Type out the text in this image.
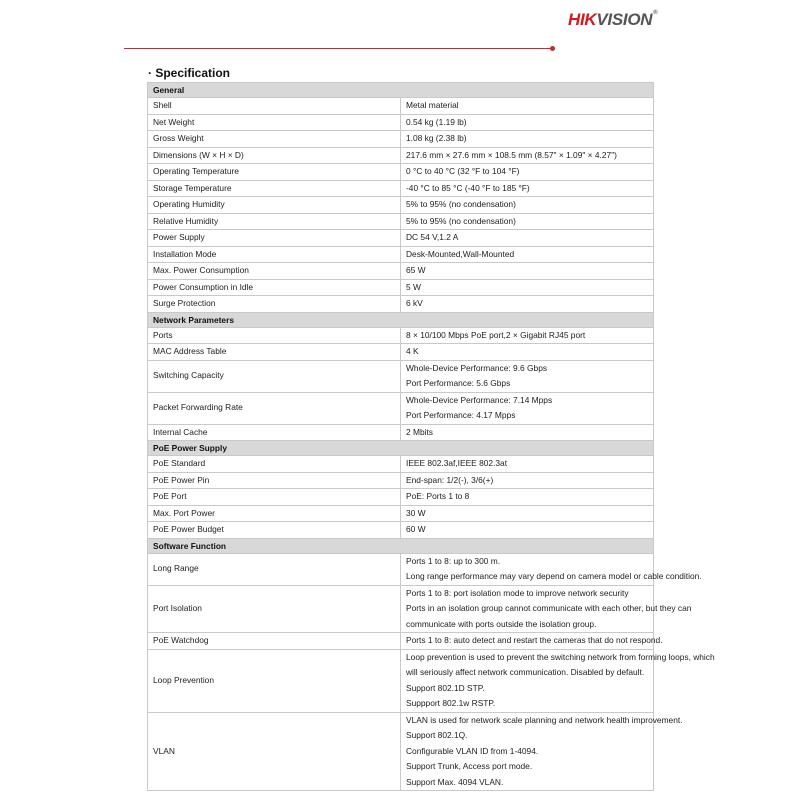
HIKVISION®
· Specification
General	
Shell	Metal material

Net Weight	0.54 kg (1.19 lb)

Gross Weight	1.08 kg (2.38 lb)

Dimensions (W × H × D)	217.6 mm × 27.6 mm × 108.5 mm (8.57" × 1.09" × 4.27")

Operating Temperature	0 °C to 40 °C (32 °F to 104 °F)

Storage Temperature	-40 °C to 85 °C (-40 °F to 185 °F)

Operating Humidity	5% to 95% (no condensation)

Relative Humidity	5% to 95% (no condensation)

Power Supply	DC 54 V,1.2 A

Installation Mode	Desk-Mounted,Wall-Mounted

Max. Power Consumption	65 W

Power Consumption in Idle	5 W

Surge Protection	6 kV

Network Parameters	
Ports	8 × 10/100 Mbps PoE port,2 × Gigabit RJ45 port

MAC Address Table	4 K

Switching Capacity	Whole-Device Performance: 9.6 Gbps
Port Performance: 5.6 Gbps

Packet Forwarding Rate	Whole-Device Performance: 7.14 Mpps
Port Performance: 4.17 Mpps

Internal Cache	2 Mbits

PoE Power Supply	
PoE Standard	IEEE 802.3af,IEEE 802.3at

PoE Power Pin	End-span: 1/2(-), 3/6(+)

PoE Port	PoE: Ports 1 to 8

Max. Port Power	30 W

PoE Power Budget	60 W

Software Function	
Long Range	Ports 1 to 8: up to 300 m.
Long range performance may vary depend on camera model or cable condition.

Port Isolation	Ports 1 to 8: port isolation mode to improve network security
Ports in an isolation group cannot communicate with each other, but they can
communicate with ports outside the isolation group.

PoE Watchdog	Ports 1 to 8: auto detect and restart the cameras that do not respond.

Loop Prevention	Loop prevention is used to prevent the switching network from forming loops, which
will seriously affect network communication. Disabled by default.
Support 802.1D STP.
Suppport 802.1w RSTP.

VLAN	VLAN is used for network scale planning and network health improvement.
Support 802.1Q.
Configurable VLAN ID from 1-4094.
Support Trunk, Access port mode.
Support Max. 4094 VLAN.
